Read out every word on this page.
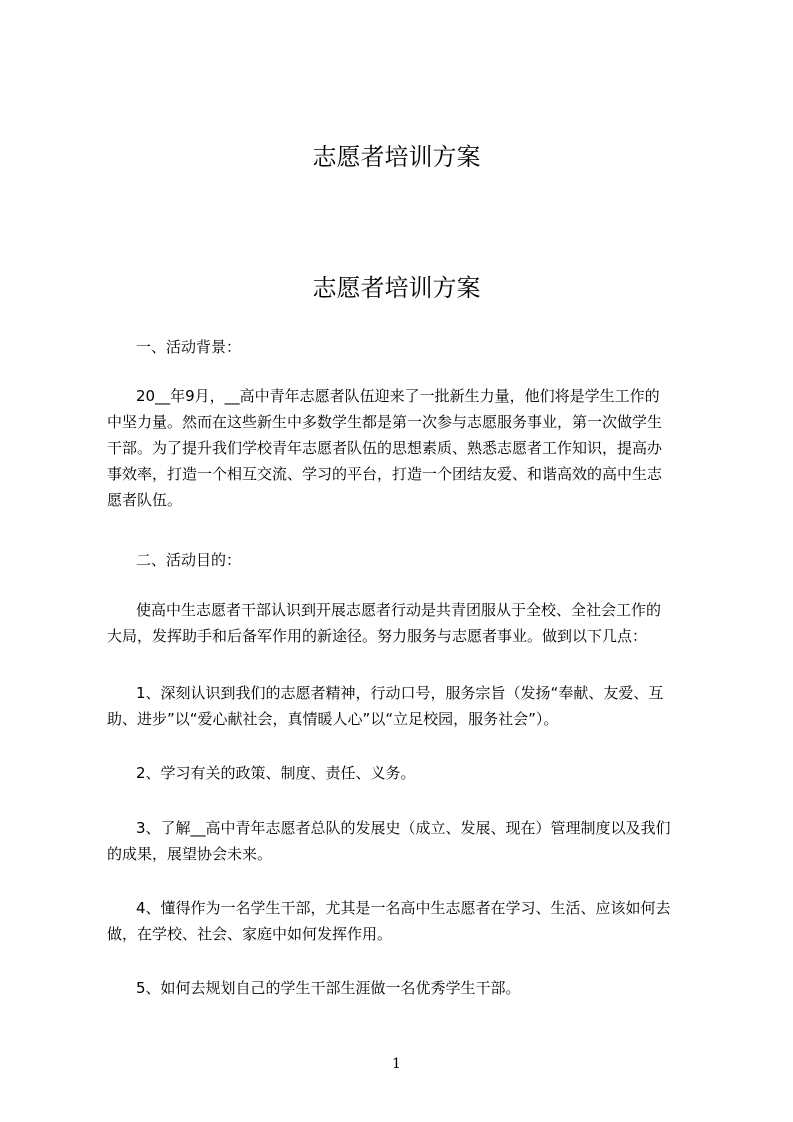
志愿者培训方案
志愿者培训方案

一、活动背景：

20__年9月，__高中青年志愿者队伍迎来了一批新生力量，他们将是学生工作的
中坚力量。然而在这些新生中多数学生都是第一次参与志愿服务事业，第一次做学生
干部。为了提升我们学校青年志愿者队伍的思想素质、熟悉志愿者工作知识，提高办
事效率，打造一个相互交流、学习的平台，打造一个团结友爱、和谐高效的高中生志
愿者队伍。

二、活动目的：

使高中生志愿者干部认识到开展志愿者行动是共青团服从于全校、全社会工作的
大局，发挥助手和后备军作用的新途径。努力服务与志愿者事业。做到以下几点：

1、深刻认识到我们的志愿者精神，行动口号，服务宗旨（发扬“奉献、友爱、互
助、进步”以“爱心献社会，真情暖人心”以“立足校园，服务社会”）。

2、学习有关的政策、制度、责任、义务。

3、了解__高中青年志愿者总队的发展史（成立、发展、现在）管理制度以及我们
的成果，展望协会未来。

4、懂得作为一名学生干部，尤其是一名高中生志愿者在学习、生活、应该如何去
做，在学校、社会、家庭中如何发挥作用。

5、如何去规划自己的学生干部生涯做一名优秀学生干部。

1
